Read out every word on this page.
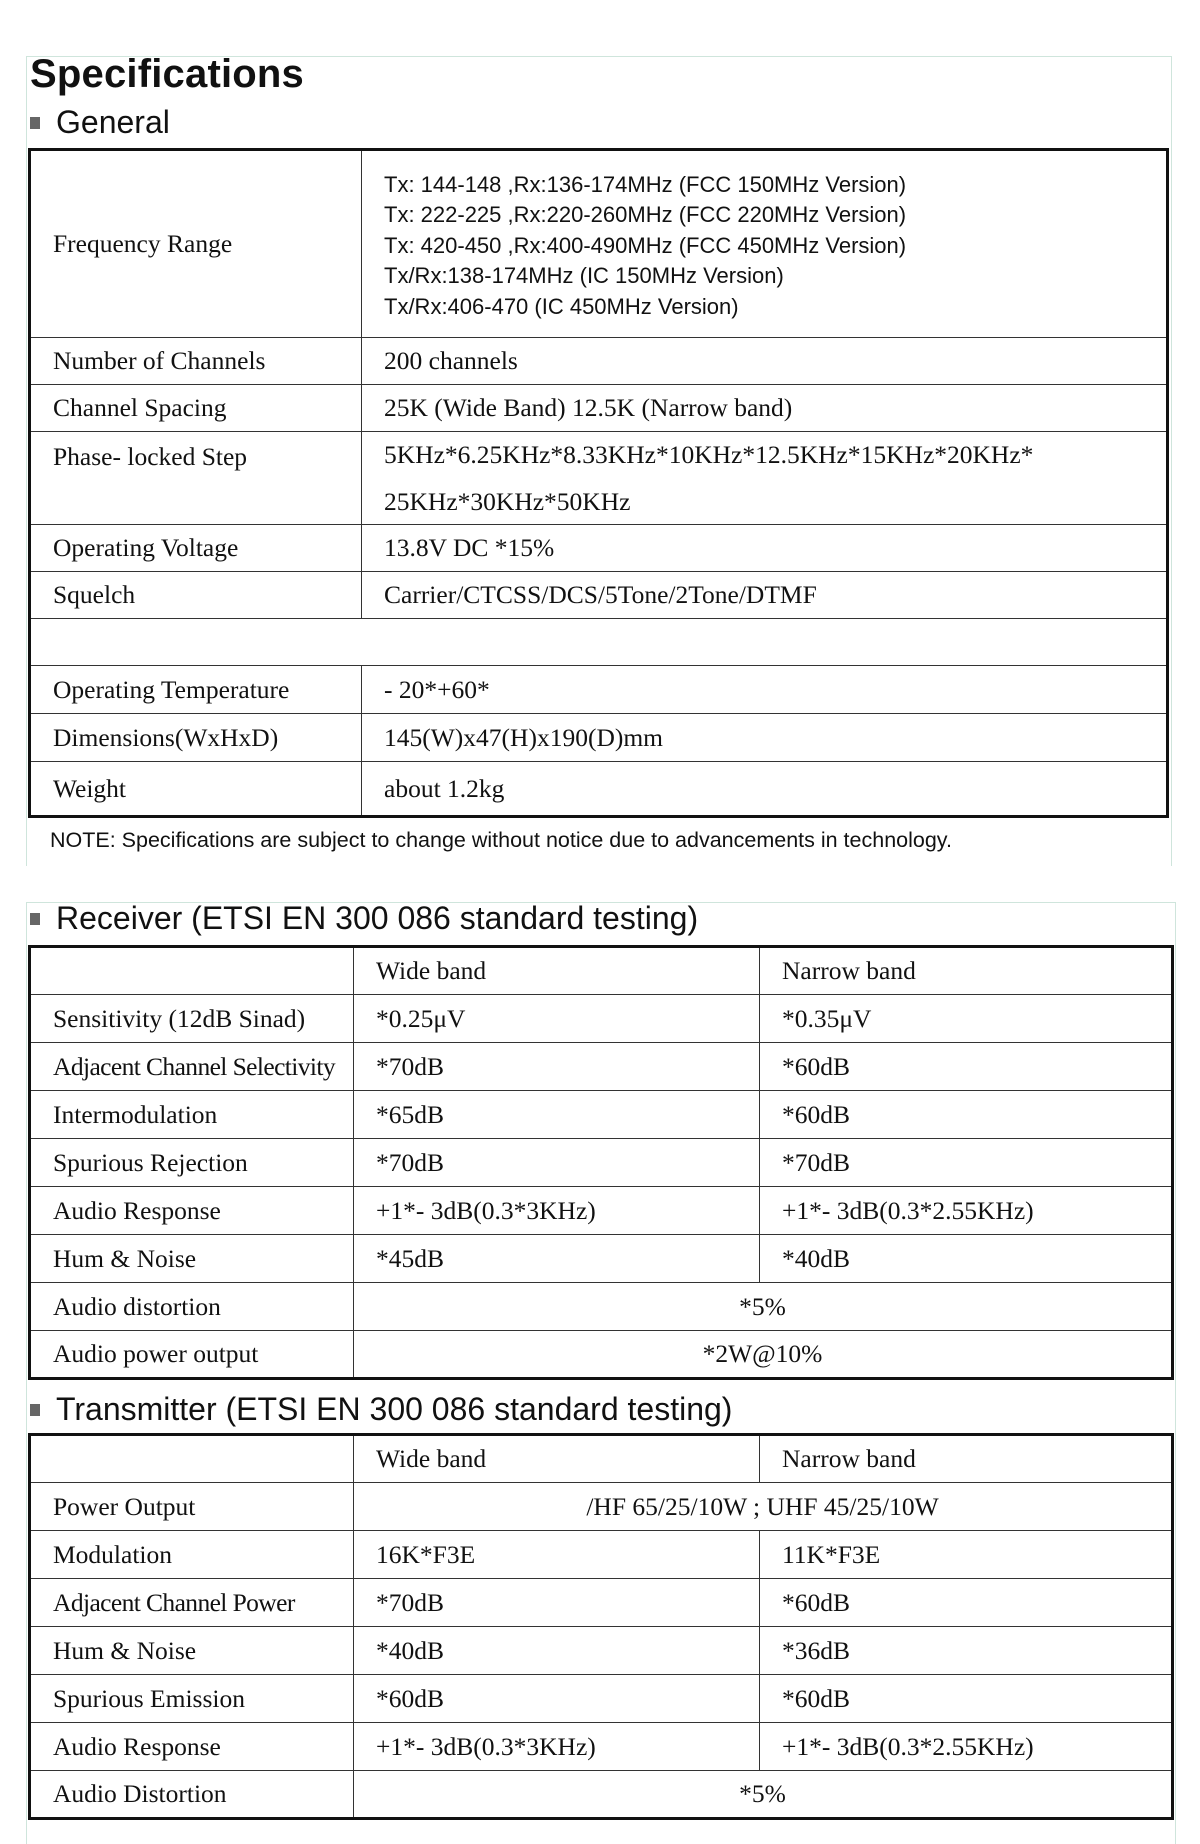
Specifications
General
Frequency Range	Tx: 144-148 ,Rx:136-174MHz (FCC 150MHz Version)
Tx: 222-225 ,Rx:220-260MHz (FCC 220MHz Version)
Tx: 420-450 ,Rx:400-490MHz (FCC 450MHz Version)
Tx/Rx:138-174MHz (IC 150MHz Version)
Tx/Rx:406-470 (IC 450MHz Version)

Number of Channels	200 channels
Channel Spacing	25K (Wide Band) 12.5K (Narrow band)
Phase- locked Step	5KHz*6.25KHz*8.33KHz*10KHz*12.5KHz*15KHz*20KHz*
25KHz*30KHz*50KHz

Operating Voltage	13.8V DC *15%
Squelch	Carrier/CTCSS/DCS/5Tone/2Tone/DTMF

Operating Temperature	- 20*+60*
Dimensions(WxHxD)	145(W)x47(H)x190(D)mm
Weight	about 1.2kg
NOTE: Specifications are subject to change without notice due to advancements in technology.
Receiver (ETSI EN 300 086 standard testing)
	Wide band	Narrow band
Sensitivity (12dB Sinad)	*0.25μV	*0.35μV
Adjacent Channel Selectivity	*70dB	*60dB
Intermodulation	*65dB	*60dB
Spurious Rejection	*70dB	*70dB
Audio Response	+1*- 3dB(0.3*3KHz)	+1*- 3dB(0.3*2.55KHz)
Hum & Noise	*45dB	*40dB
Audio distortion	*5%	
Audio power output	*2W@10%	
Transmitter (ETSI EN 300 086 standard testing)
	Wide band	Narrow band
Power Output	/HF 65/25/10W ; UHF 45/25/10W	
Modulation	16K*F3E	11K*F3E
Adjacent Channel Power	*70dB	*60dB
Hum & Noise	*40dB	*36dB
Spurious Emission	*60dB	*60dB
Audio Response	+1*- 3dB(0.3*3KHz)	+1*- 3dB(0.3*2.55KHz)
Audio Distortion	*5%	
